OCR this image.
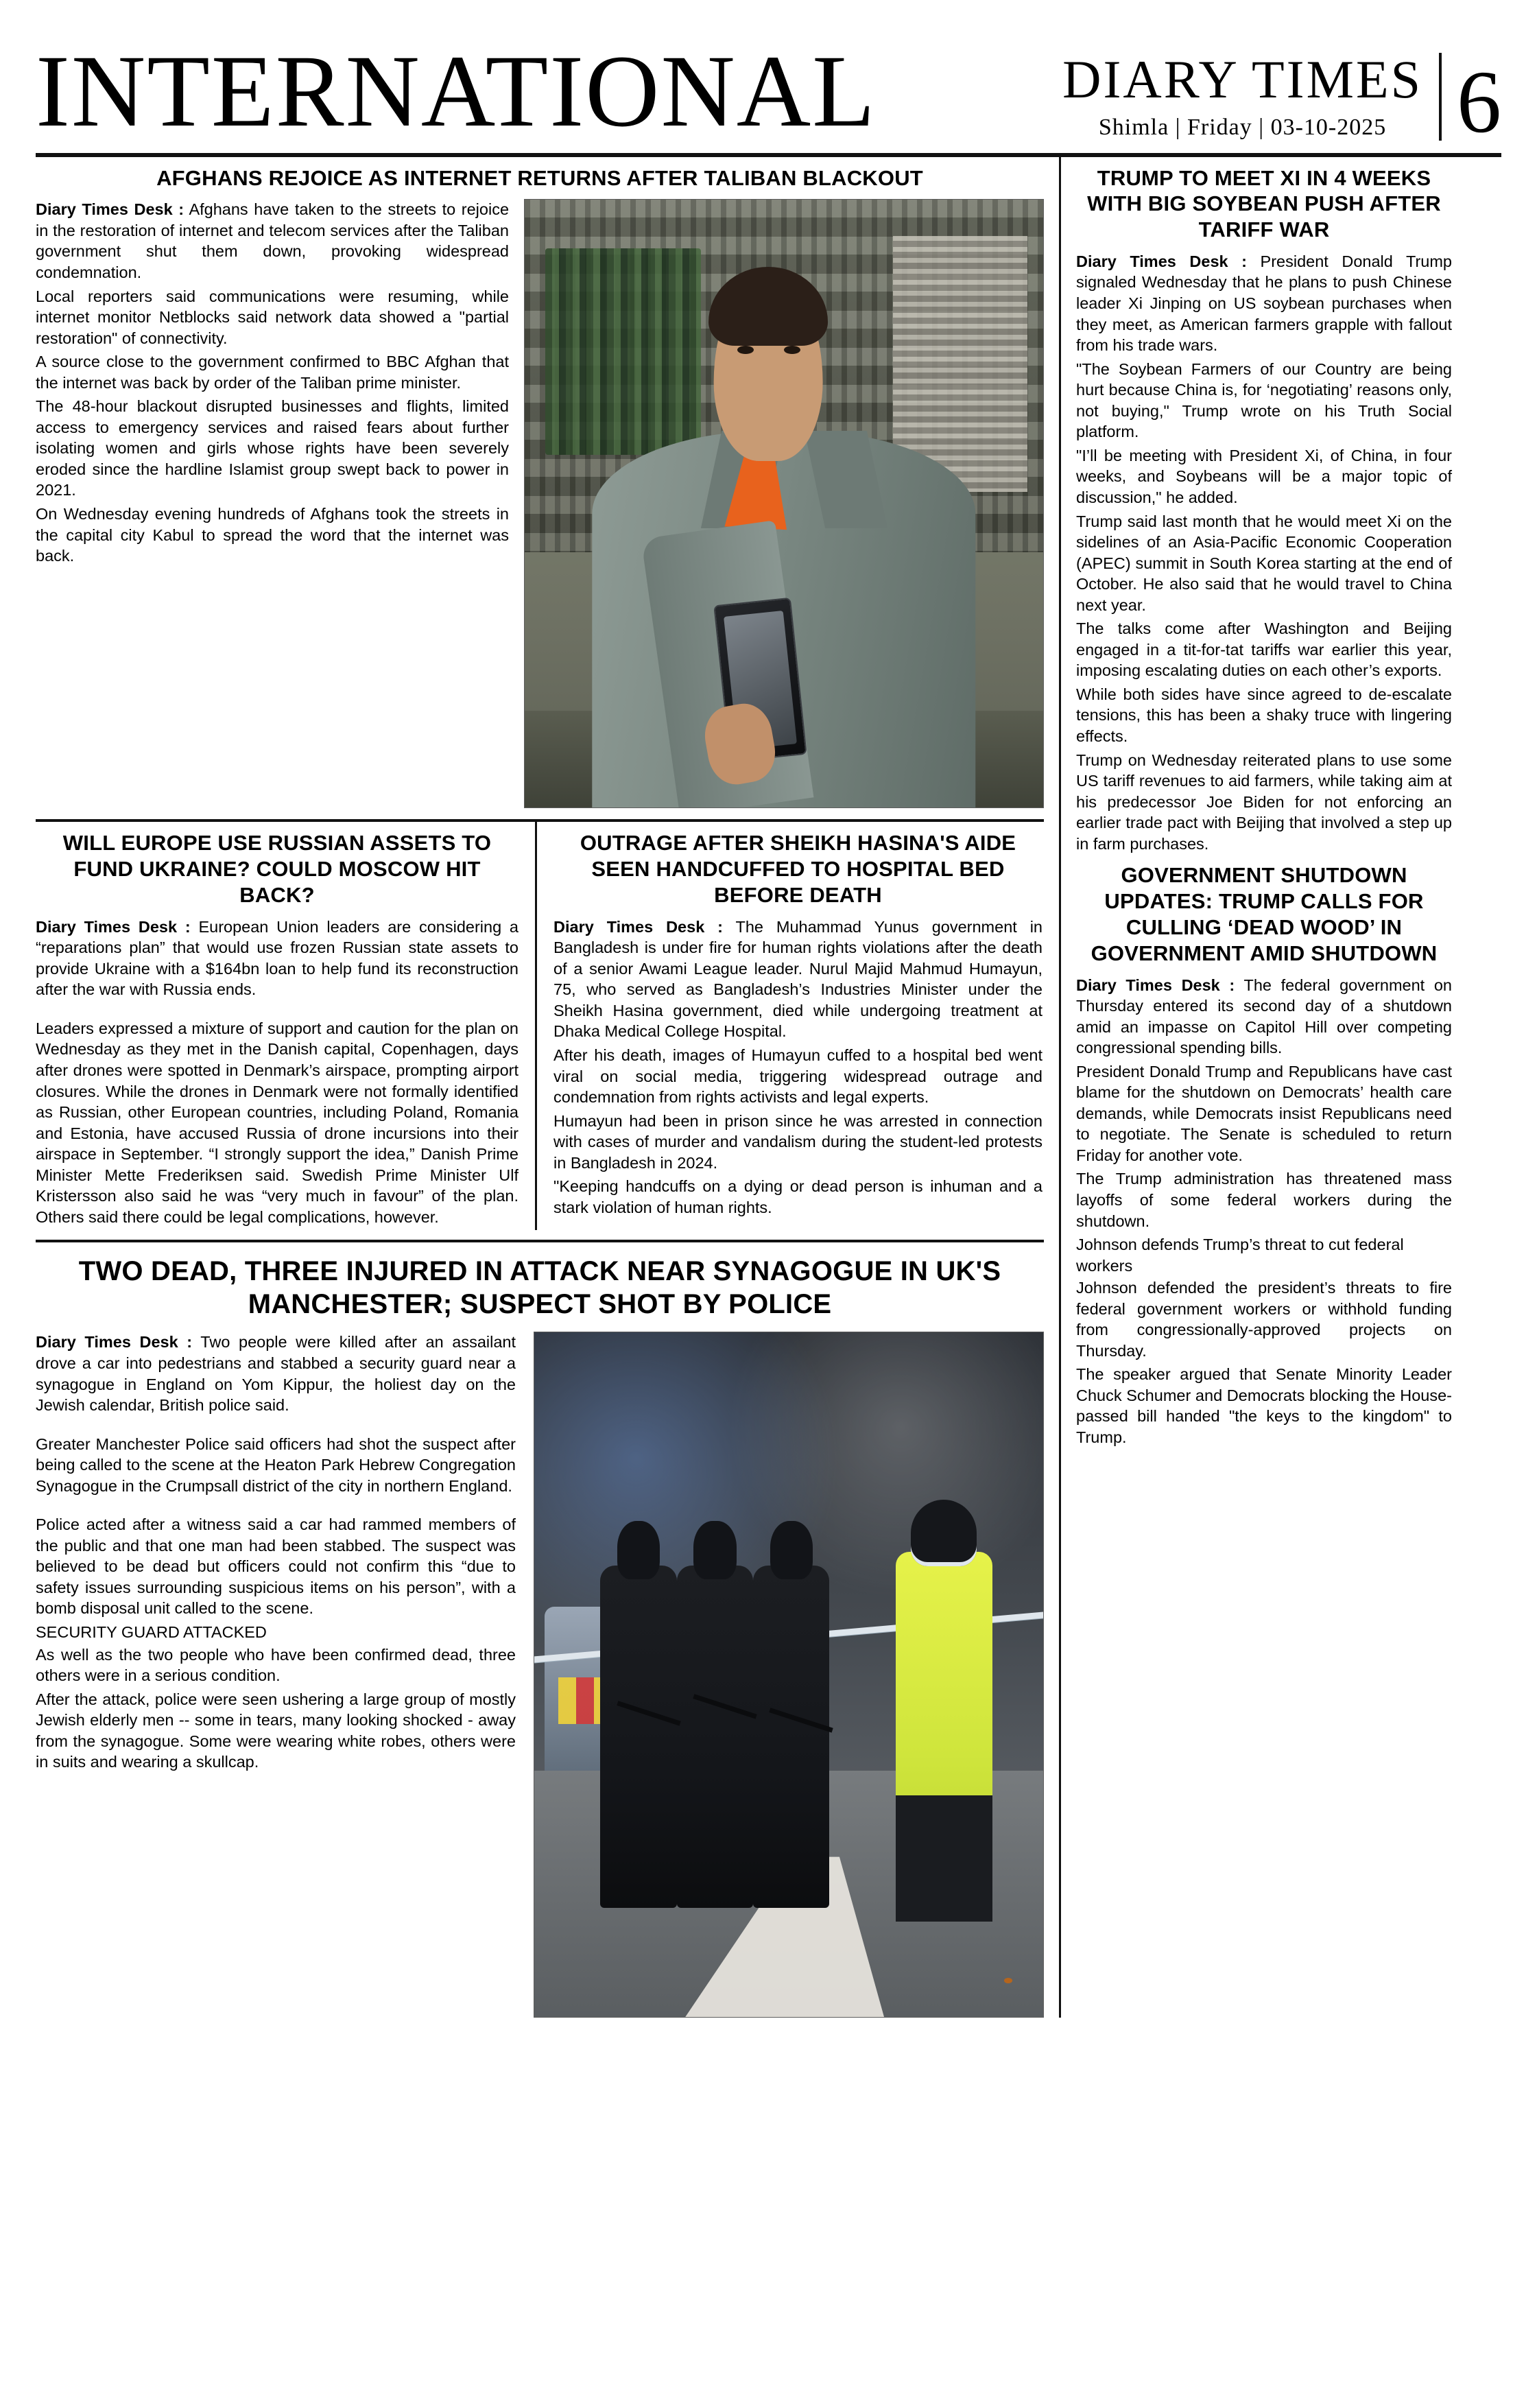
INTERNATIONAL	DIARY TIMES
Shimla | Friday | 03-10-2025 6
AFGHANS REJOICE AS INTERNET RETURNS AFTER TALIBAN BLACKOUT

Diary Times Desk : Afghans have taken to the streets to rejoice in the restoration of internet and telecom services after the Taliban government shut them down, provoking widespread condemnation.

Local reporters said communications were resuming, while internet monitor Netblocks said network data showed a "partial restoration" of connectivity.

A source close to the government confirmed to BBC Afghan that the internet was back by order of the Taliban prime minister.

The 48-hour blackout disrupted businesses and flights, limited access to emergency services and raised fears about further isolating women and girls whose rights have been severely eroded since the hardline Islamist group swept back to power in 2021.

On Wednesday evening hundreds of Afghans took the streets in the capital city Kabul to spread the word that the internet was back.

WILL EUROPE USE RUSSIAN ASSETS TO FUND UKRAINE? COULD MOSCOW HIT BACK?

Diary Times Desk : European Union leaders are considering a “reparations plan” that would use frozen Russian state assets to provide Ukraine with a $164bn loan to help fund its reconstruction after the war with Russia ends.

Leaders expressed a mixture of support and caution for the plan on Wednesday as they met in the Danish capital, Copenhagen, days after drones were spotted in Denmark’s airspace, prompting airport closures. While the drones in Denmark were not formally identified as Russian, other European countries, including Poland, Romania and Estonia, have accused Russia of drone incursions into their airspace in September. “I strongly support the idea,” Danish Prime Minister Mette Frederiksen said. Swedish Prime Minister Ulf Kristersson also said he was “very much in favour” of the plan. Others said there could be legal complications, however.

OUTRAGE AFTER SHEIKH HASINA'S AIDE SEEN HANDCUFFED TO HOSPITAL BED BEFORE DEATH

Diary Times Desk : The Muhammad Yunus government in Bangladesh is under fire for human rights violations after the death of a senior Awami League leader. Nurul Majid Mahmud Humayun, 75, who served as Bangladesh’s Industries Minister under the Sheikh Hasina government, died while undergoing treatment at Dhaka Medical College Hospital.

After his death, images of Humayun cuffed to a hospital bed went viral on social media, triggering widespread outrage and condemnation from rights activists and legal experts.

Humayun had been in prison since he was arrested in connection with cases of murder and vandalism during the student-led protests in Bangladesh in 2024.

"Keeping handcuffs on a dying or dead person is inhuman and a stark violation of human rights.

TWO DEAD, THREE INJURED IN ATTACK NEAR SYNAGOGUE IN UK'S MANCHESTER; SUSPECT SHOT BY POLICE

Diary Times Desk : Two people were killed after an assailant drove a car into pedestrians and stabbed a security guard near a synagogue in England on Yom Kippur, the holiest day on the Jewish calendar, British police said.

Greater Manchester Police said officers had shot the suspect after being called to the scene at the Heaton Park Hebrew Congregation Synagogue in the Crumpsall district of the city in northern England.

Police acted after a witness said a car had rammed members of the public and that one man had been stabbed. The suspect was believed to be dead but officers could not confirm this “due to safety issues surrounding suspicious items on his person”, with a bomb disposal unit called to the scene.

SECURITY GUARD ATTACKED

As well as the two people who have been confirmed dead, three others were in a serious condition.

After the attack, police were seen ushering a large group of mostly Jewish elderly men -- some in tears, many looking shocked - away from the synagogue. Some were wearing white robes, others were in suits and wearing a skullcap.

TRUMP TO MEET XI IN 4 WEEKS WITH BIG SOYBEAN PUSH AFTER TARIFF WAR

Diary Times Desk : President Donald Trump signaled Wednesday that he plans to push Chinese leader Xi Jinping on US soybean purchases when they meet, as American farmers grapple with fallout from his trade wars.

"The Soybean Farmers of our Country are being hurt because China is, for ‘negotiating’ reasons only, not buying," Trump wrote on his Truth Social platform.

"I’ll be meeting with President Xi, of China, in four weeks, and Soybeans will be a major topic of discussion," he added.

Trump said last month that he would meet Xi on the sidelines of an Asia-Pacific Economic Cooperation (APEC) summit in South Korea starting at the end of October. He also said that he would travel to China next year.

The talks come after Washington and Beijing engaged in a tit-for-tat tariffs war earlier this year, imposing escalating duties on each other’s exports.

While both sides have since agreed to de-escalate tensions, this has been a shaky truce with lingering effects.

Trump on Wednesday reiterated plans to use some US tariff revenues to aid farmers, while taking aim at his predecessor Joe Biden for not enforcing an earlier trade pact with Beijing that involved a step up in farm purchases.

GOVERNMENT SHUTDOWN UPDATES: TRUMP CALLS FOR CULLING ‘DEAD WOOD’ IN GOVERNMENT AMID SHUTDOWN

Diary Times Desk : The federal government on Thursday entered its second day of a shutdown amid an impasse on Capitol Hill over competing congressional spending bills.

President Donald Trump and Republicans have cast blame for the shutdown on Democrats’ health care demands, while Democrats insist Republicans need to negotiate. The Senate is scheduled to return Friday for another vote.

The Trump administration has threatened mass layoffs of some federal workers during the shutdown.

Johnson defends Trump’s threat to cut federal workers

Johnson defended the president’s threats to fire federal government workers or withhold funding from congressionally-approved projects on Thursday.

The speaker argued that Senate Minority Leader Chuck Schumer and Democrats blocking the House-passed bill handed "the keys to the kingdom" to Trump.
